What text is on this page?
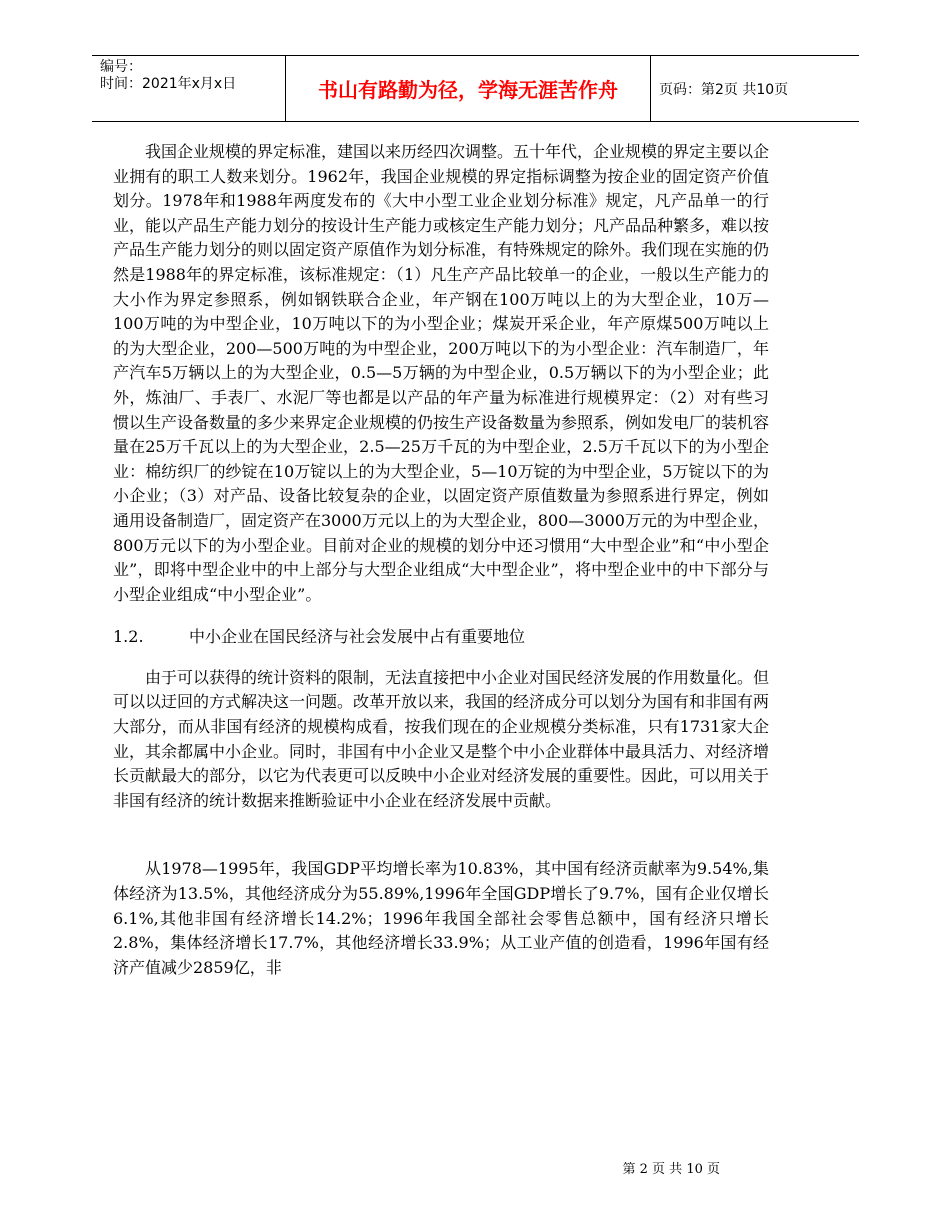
编号：
时间：2021年x月x日	书山有路勤为径，学海无涯苦作舟	页码：第2页 共10页

我国企业规模的界定标准，建国以来历经四次调整。五十年代，企业规模的界定主要以企业拥有的职工人数来划分。1962年，我国企业规模的界定指标调整为按企业的固定资产价值划分。1978年和1988年两度发布的《大中小型工业企业划分标准》规定，凡产品单一的行业，能以产品生产能力划分的按设计生产能力或核定生产能力划分；凡产品品种繁多，难以按产品生产能力划分的则以固定资产原值作为划分标准，有特殊规定的除外。我们现在实施的仍然是1988年的界定标准，该标准规定：（1）凡生产产品比较单一的企业，一般以生产能力的大小作为界定参照系，例如钢铁联合企业，年产钢在100万吨以上的为大型企业，10万—100万吨的为中型企业，10万吨以下的为小型企业；煤炭开采企业，年产原煤500万吨以上的为大型企业，200—500万吨的为中型企业，200万吨以下的为小型企业：汽车制造厂，年产汽车5万辆以上的为大型企业，0.5—5万辆的为中型企业，0.5万辆以下的为小型企业；此外，炼油厂、手表厂、水泥厂等也都是以产品的年产量为标准进行规模界定：（2）对有些习惯以生产设备数量的多少来界定企业规模的仍按生产设备数量为参照系，例如发电厂的装机容量在25万千瓦以上的为大型企业，2.5—25万千瓦的为中型企业，2.5万千瓦以下的为小型企业：棉纺织厂的纱锭在10万锭以上的为大型企业，5—10万锭的为中型企业，5万锭以下的为小企业；（3）对产品、设备比较复杂的企业，以固定资产原值数量为参照系进行界定，例如通用设备制造厂，固定资产在3000万元以上的为大型企业，800—3000万元的为中型企业，800万元以下的为小型企业。目前对企业的规模的划分中还习惯用“大中型企业”和“中小型企业”，即将中型企业中的中上部分与大型企业组成“大中型企业”，将中型企业中的中下部分与小型企业组成“中小型企业”。

1.2.	中小企业在国民经济与社会发展中占有重要地位

由于可以获得的统计资料的限制，无法直接把中小企业对国民经济发展的作用数量化。但可以以迂回的方式解决这一问题。改革开放以来，我国的经济成分可以划分为国有和非国有两大部分，而从非国有经济的规模构成看，按我们现在的企业规模分类标准，只有1731家大企业，其余都属中小企业。同时，非国有中小企业又是整个中小企业群体中最具活力、对经济增长贡献最大的部分，以它为代表更可以反映中小企业对经济发展的重要性。因此，可以用关于非国有经济的统计数据来推断验证中小企业在经济发展中贡献。

从1978—1995年，我国GDP平均增长率为10.83%，其中国有经济贡献率为9.54%,集体经济为13.5%，其他经济成分为55.89%,1996年全国GDP增长了9.7%，国有企业仅增长6.1%,其他非国有经济增长14.2%；1996年我国全部社会零售总额中，国有经济只增长2.8%，集体经济增长17.7%，其他经济增长33.9%；从工业产值的创造看，1996年国有经济产值减少2859亿，非

第 2 页 共 10 页
